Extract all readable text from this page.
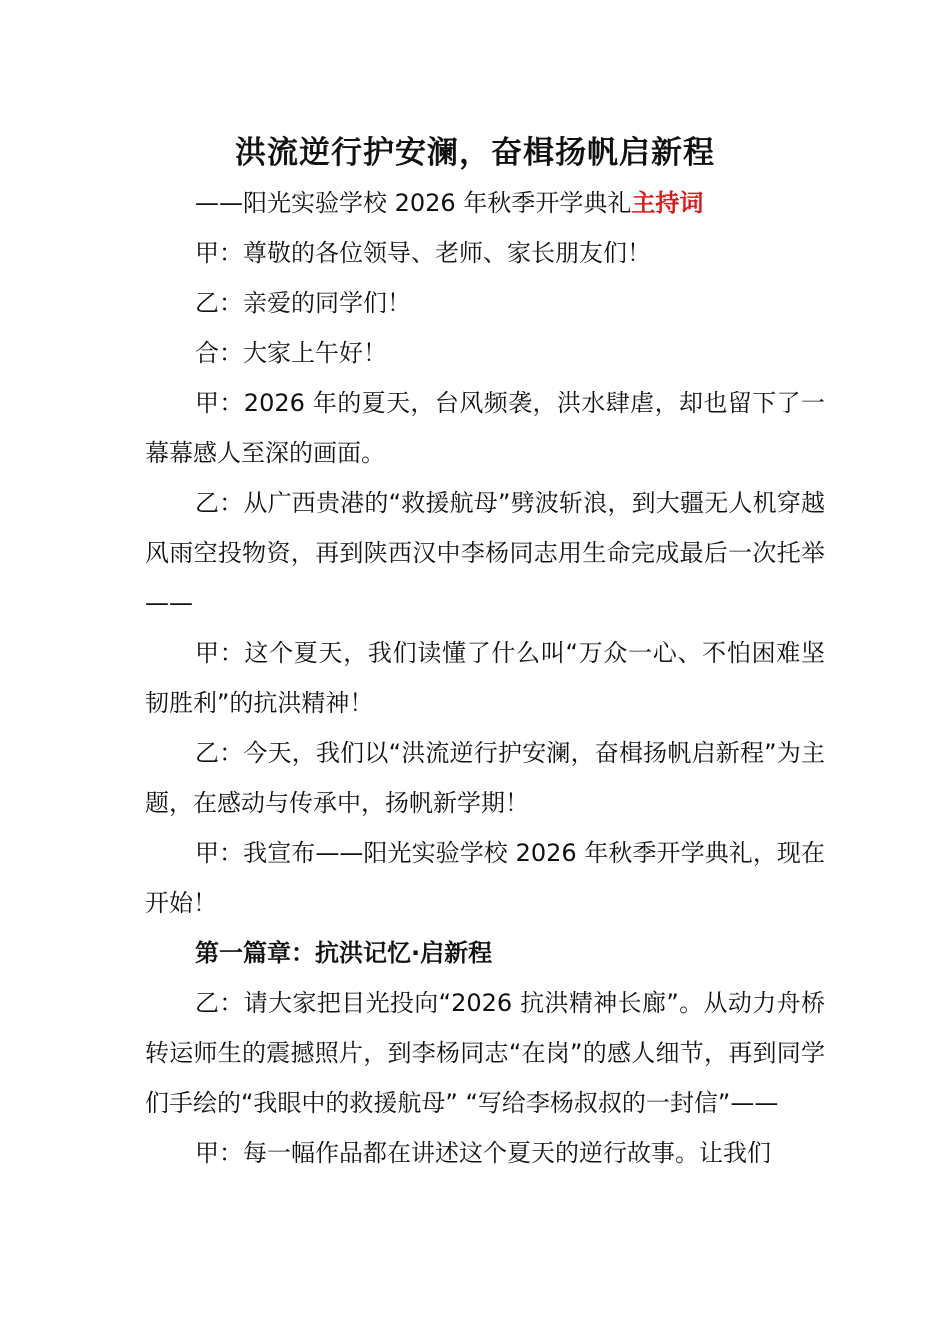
洪流逆行护安澜，奋楫扬帆启新程
——阳光实验学校 2026 年秋季开学典礼主持词

甲：尊敬的各位领导、老师、家长朋友们！

乙：亲爱的同学们！

合：大家上午好！

甲：2026 年的夏天，台风频袭，洪水肆虐，却也留下了一幕幕感人至深的画面。

乙：从广西贵港的“救援航母”劈波斩浪，到大疆无人机穿越风雨空投物资，再到陕西汉中李杨同志用生命完成最后一次托举——

甲：这个夏天，我们读懂了什么叫“万众一心、不怕困难坚韧胜利”的抗洪精神！

乙：今天，我们以“洪流逆行护安澜，奋楫扬帆启新程”为主题，在感动与传承中，扬帆新学期！

甲：我宣布——阳光实验学校 2026 年秋季开学典礼，现在开始！

第一篇章：抗洪记忆·启新程

乙：请大家把目光投向“2026 抗洪精神长廊”。从动力舟桥转运师生的震撼照片，到李杨同志“在岗”的感人细节，再到同学们手绘的“我眼中的救援航母” “写给李杨叔叔的一封信”——

甲：每一幅作品都在讲述这个夏天的逆行故事。让我们
